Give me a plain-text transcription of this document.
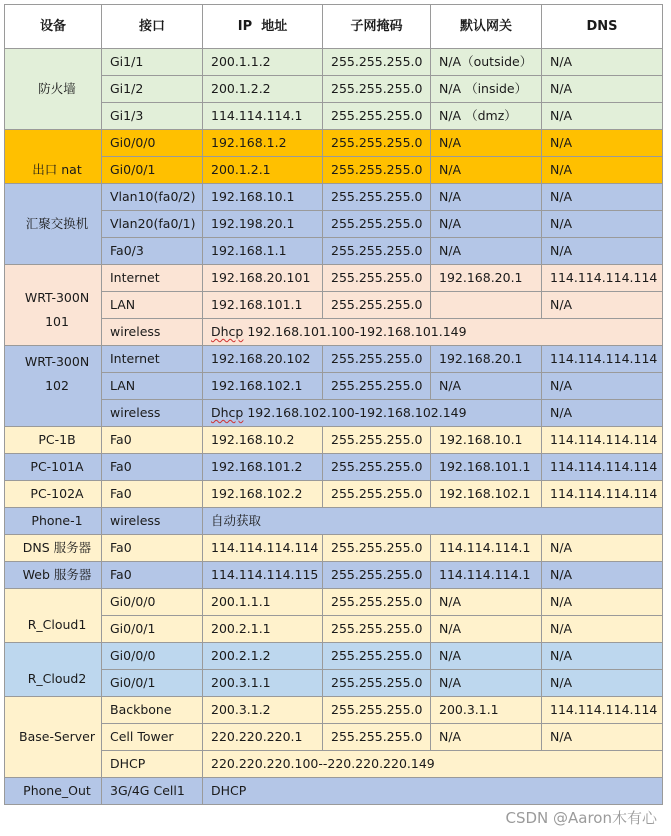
设备	接口	IP  地址	子网掩码	默认网关	DNS
防火墙	Gi1/1	200.1.1.2	255.255.255.0	N/A（outside）	N/A
	Gi1/2	200.1.2.2	255.255.255.0	N/A （inside）	N/A
	Gi1/3	114.114.114.1	255.255.255.0	N/A （dmz）	N/A
出口 nat	Gi0/0/0	192.168.1.2	255.255.255.0	N/A	N/A
	Gi0/0/1	200.1.2.1	255.255.255.0	N/A	N/A
汇聚交换机	Vlan10(fa0/2)	192.168.10.1	255.255.255.0	N/A	N/A
	Vlan20(fa0/1)	192.198.20.1	255.255.255.0	N/A	N/A
	Fa0/3	192.168.1.1	255.255.255.0	N/A	N/A
WRT-300N
101	Internet	192.168.20.101	255.255.255.0	192.168.20.1	114.114.114.114
	LAN	192.168.101.1	255.255.255.0		N/A
	wireless	Dhcp 192.168.101.100-192.168.101.149			
WRT-300N
102	Internet	192.168.20.102	255.255.255.0	192.168.20.1	114.114.114.114
	LAN	192.168.102.1	255.255.255.0	N/A	N/A
	wireless	Dhcp 192.168.102.100-192.168.102.149			N/A
PC-1B	Fa0	192.168.10.2	255.255.255.0	192.168.10.1	114.114.114.114
PC-101A	Fa0	192.168.101.2	255.255.255.0	192.168.101.1	114.114.114.114
PC-102A	Fa0	192.168.102.2	255.255.255.0	192.168.102.1	114.114.114.114
Phone-1	wireless	自动获取			
DNS 服务器	Fa0	114.114.114.114	255.255.255.0	114.114.114.1	N/A
Web 服务器	Fa0	114.114.114.115	255.255.255.0	114.114.114.1	N/A
R_Cloud1	Gi0/0/0	200.1.1.1	255.255.255.0	N/A	N/A
	Gi0/0/1	200.2.1.1	255.255.255.0	N/A	N/A
R_Cloud2	Gi0/0/0	200.2.1.2	255.255.255.0	N/A	N/A
	Gi0/0/1	200.3.1.1	255.255.255.0	N/A	N/A
Base-Server	Backbone	200.3.1.2	255.255.255.0	200.3.1.1	114.114.114.114
	Cell Tower	220.220.220.1	255.255.255.0	N/A	N/A
	DHCP	220.220.220.100--220.220.220.149			
Phone_Out	3G/4G Cell1	DHCP			
CSDN @Aaron木有心
